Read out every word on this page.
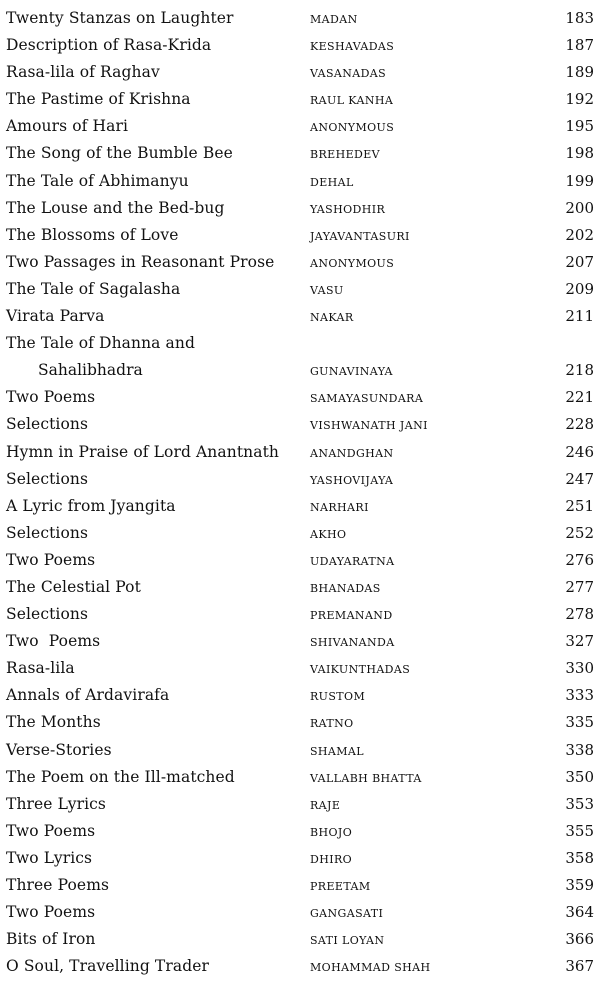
Twenty Stanzas on Laughter	MADAN	183
Description of Rasa-Krida	KESHAVADAS	187
Rasa-lila of Raghav	VASANADAS	189
The Pastime of Krishna	RAUL KANHA	192
Amours of Hari	ANONYMOUS	195
The Song of the Bumble Bee	BREHEDEV	198
The Tale of Abhimanyu	DEHAL	199
The Louse and the Bed-bug	YASHODHIR	200
The Blossoms of Love	JAYAVANTASURI	202
Two Passages in Reasonant Prose	ANONYMOUS	207
The Tale of Sagalasha	VASU	209
Virata Parva	NAKAR	211
The Tale of Dhanna and
Sahalibhadra	GUNAVINAYA	218
Two Poems	SAMAYASUNDARA	221
Selections	VISHWANATH JANI	228
Hymn in Praise of Lord Anantnath	ANANDGHAN	246
Selections	YASHOVIJAYA	247
A Lyric from Jyangita	NARHARI	251
Selections	AKHO	252
Two Poems	UDAYARATNA	276
The Celestial Pot	BHANADAS	277
Selections	PREMANAND	278
Two  Poems	SHIVANANDA	327
Rasa-lila	VAIKUNTHADAS	330
Annals of Ardavirafa	RUSTOM	333
The Months	RATNO	335
Verse-Stories	SHAMAL	338
The Poem on the Ill-matched	VALLABH BHATTA	350
Three Lyrics	RAJE	353
Two Poems	BHOJO	355
Two Lyrics	DHIRO	358
Three Poems	PREETAM	359
Two Poems	GANGASATI	364
Bits of Iron	SATI LOYAN	366
O Soul, Travelling Trader	MOHAMMAD SHAH	367
